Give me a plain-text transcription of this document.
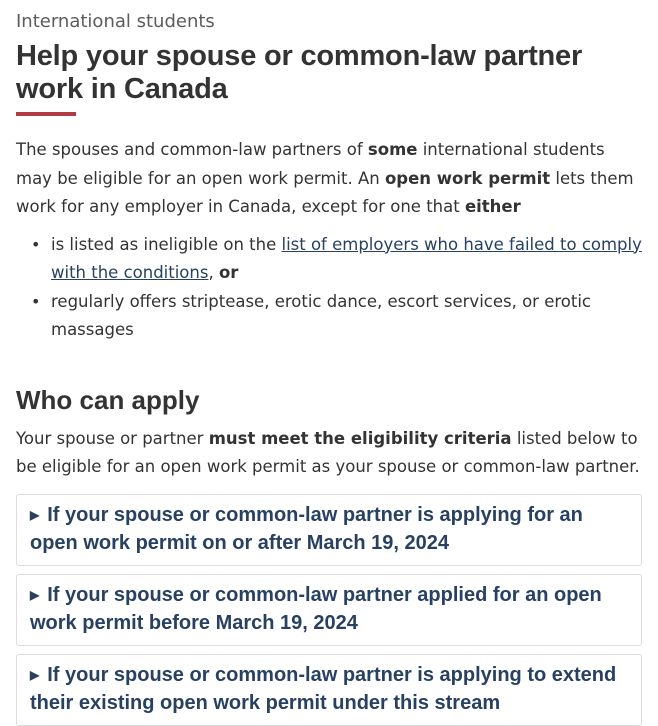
International students

Help your spouse or common-law partner work in Canada

The spouses and common-law partners of some international students may be eligible for an open work permit. An open work permit lets them work for any employer in Canada, except for one that either

• is listed as ineligible on the list of employers who have failed to comply with the conditions, or
• regularly offers striptease, erotic dance, escort services, or erotic massages
Who can apply

Your spouse or partner must meet the eligibility criteria listed below to be eligible for an open work permit as your spouse or common-law partner.

▶ If your spouse or common-law partner is applying for an open work permit on or after March 19, 2024
▶ If your spouse or common-law partner applied for an open work permit before March 19, 2024
▶ If your spouse or common-law partner is applying to extend their existing open work permit under this stream
